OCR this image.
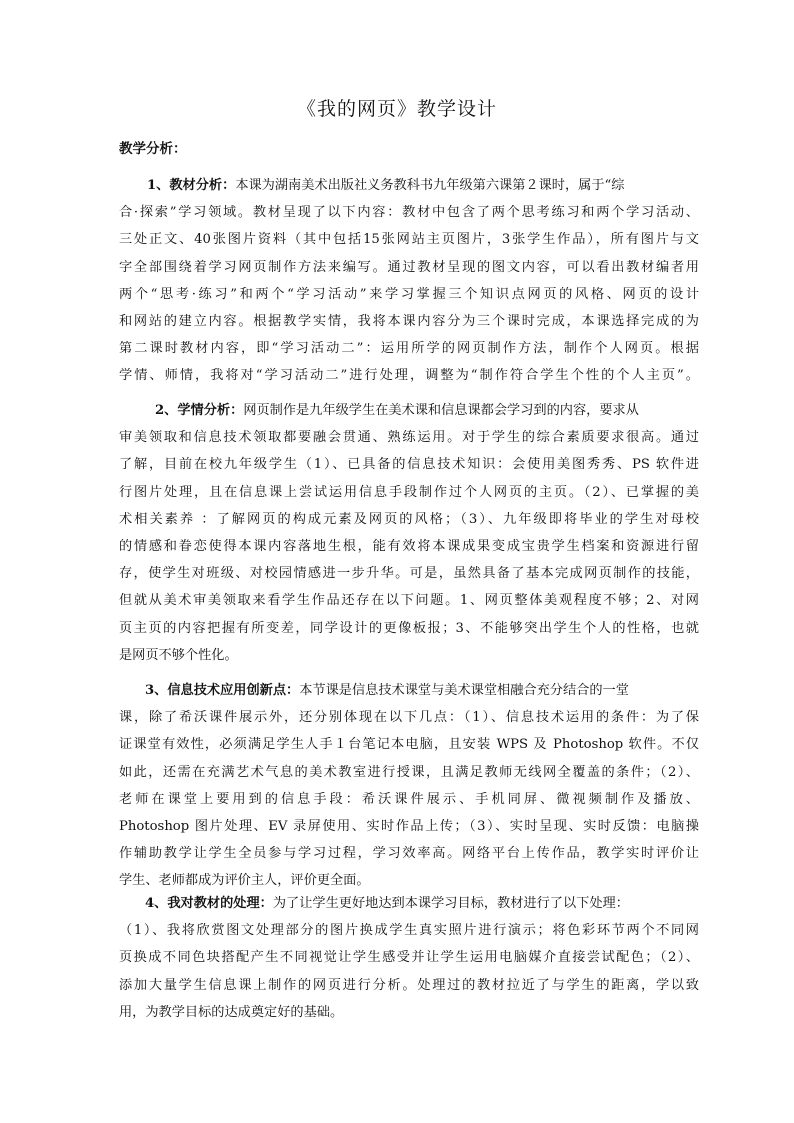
《我的网页》教学设计
教学分析：
1、教材分析：本课为湖南美术出版社义务教科书九年级第六课第２课时，属于“综
合·探索”学习领域。教材呈现了以下内容：教材中包含了两个思考练习和两个学习活动、
三处正文、40张图片资料（其中包括15张网站主页图片，3张学生作品），所有图片与文
字全部围绕着学习网页制作方法来编写。通过教材呈现的图文内容，可以看出教材编者用
两个“思考·练习”和两个“学习活动”来学习掌握三个知识点网页的风格、网页的设计
和网站的建立内容。根据教学实情，我将本课内容分为三个课时完成，本课选择完成的为
第二课时教材内容，即“学习活动二”：运用所学的网页制作方法，制作个人网页。根据
学情、师情，我将对“学习活动二”进行处理，调整为“制作符合学生个性的个人主页”。
2、学情分析：网页制作是九年级学生在美术课和信息课都会学习到的内容，要求从
审美领取和信息技术领取都要融会贯通、熟练运用。对于学生的综合素质要求很高。通过
了解，目前在校九年级学生（1）、已具备的信息技术知识：会使用美图秀秀、PS 软件进
行图片处理，且在信息课上尝试运用信息手段制作过个人网页的主页。（2）、已掌握的美
术相关素养 ：了解网页的构成元素及网页的风格；（3）、九年级即将毕业的学生对母校
的情感和眷恋使得本课内容落地生根，能有效将本课成果变成宝贵学生档案和资源进行留
存，使学生对班级、对校园情感进一步升华。可是，虽然具备了基本完成网页制作的技能，
但就从美术审美领取来看学生作品还存在以下问题。1、网页整体美观程度不够；2、对网
页主页的内容把握有所变差，同学设计的更像板报；3、不能够突出学生个人的性格，也就
是网页不够个性化。
3、信息技术应用创新点：本节课是信息技术课堂与美术课堂相融合充分结合的一堂
课，除了希沃课件展示外，还分别体现在以下几点：（1）、信息技术运用的条件：为了保
证课堂有效性，必须满足学生人手１台笔记本电脑，且安装 WPS 及 Photoshop 软件。不仅
如此，还需在充满艺术气息的美术教室进行授课，且满足教师无线网全覆盖的条件；（2）、
老师在课堂上要用到的信息手段：希沃课件展示、手机同屏、微视频制作及播放、
Photoshop 图片处理、EV 录屏使用、实时作品上传；（3）、实时呈现、实时反馈：电脑操
作辅助教学让学生全员参与学习过程，学习效率高。网络平台上传作品，教学实时评价让
学生、老师都成为评价主人，评价更全面。
4、我对教材的处理：为了让学生更好地达到本课学习目标，教材进行了以下处理：
（1）、我将欣赏图文处理部分的图片换成学生真实照片进行演示；将色彩环节两个不同网
页换成不同色块搭配产生不同视觉让学生感受并让学生运用电脑媒介直接尝试配色；（2）、
添加大量学生信息课上制作的网页进行分析。处理过的教材拉近了与学生的距离，学以致
用，为教学目标的达成奠定好的基础。
